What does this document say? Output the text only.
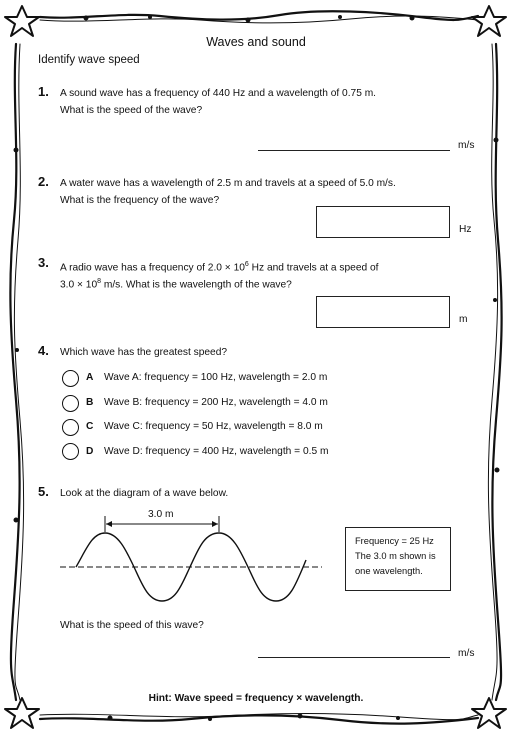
Waves and sound
Identify wave speed
1. A sound wave has a frequency of 440 Hz and a wavelength of 0.75 m.
What is the speed of the wave?
m/s
2. A water wave has a wavelength of 2.5 m and travels at a speed of 5.0 m/s.
What is the frequency of the wave?
Hz
3. A radio wave has a frequency of $2.0 \times 10^6$ Hz and travels at a speed of
$3.0 \times 10^8$ m/s. What is the wavelength of the wave?
m
4. Which wave has the greatest speed?
A Wave A: frequency = 100 Hz, wavelength = 2.0 m
B Wave B: frequency = 200 Hz, wavelength = 4.0 m
C Wave C: frequency = 50 Hz, wavelength = 8.0 m
D Wave D: frequency = 400 Hz, wavelength = 0.5 m
5. Look at the diagram of a wave below.
3.0 m
Frequency = 25 Hz
The 3.0 m shown is
one wavelength.
What is the speed of this wave?
m/s
Hint: Wave speed = frequency × wavelength.
